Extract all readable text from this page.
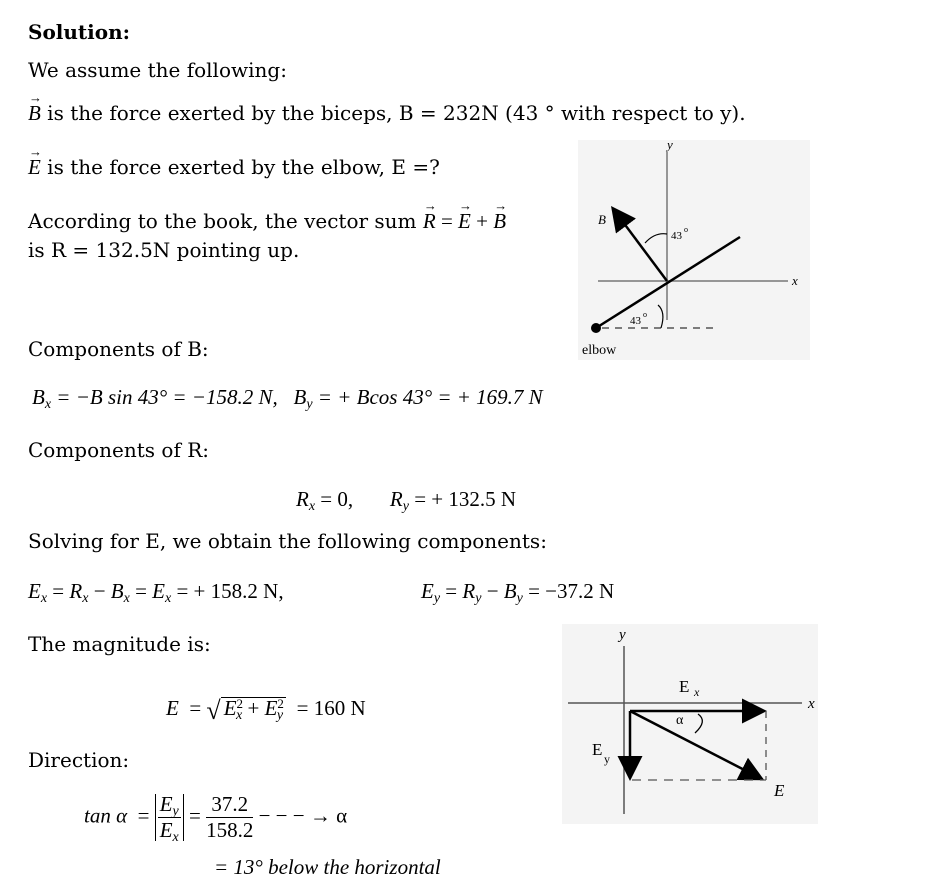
Solution:
We assume the following:
→ B is the force exerted by the biceps, B = 232N (43 ° with respect to y).
→ E is the force exerted by the elbow, E =?
According to the book, the vector sum → R = → E + → B
is R = 132.5N pointing up.
Components of B:
$B_x = -B$ sin 43° = −158.2 N, $B_y$ = + Bcos 43° = + 169.7 N
Components of R:
$R_x = 0$, $R_y$ = + 132.5 N
Solving for E, we obtain the following components:
$E_x = R_x - B_x = E_x$ = + 158.2 N,	$E_y = R_y - B_y = -37.2$ N
The magnitude is:
E  = √ $E^2_x + E^2_y = 160$ N
Direction:
$\tan \alpha = \frac{E_y}{E_x} = \frac{37.2}{158.2}$ − − − → α
= 13° below the horizontal
y
x
B
43
o
43
o
elbow
y
x
E x
α
E y
E
